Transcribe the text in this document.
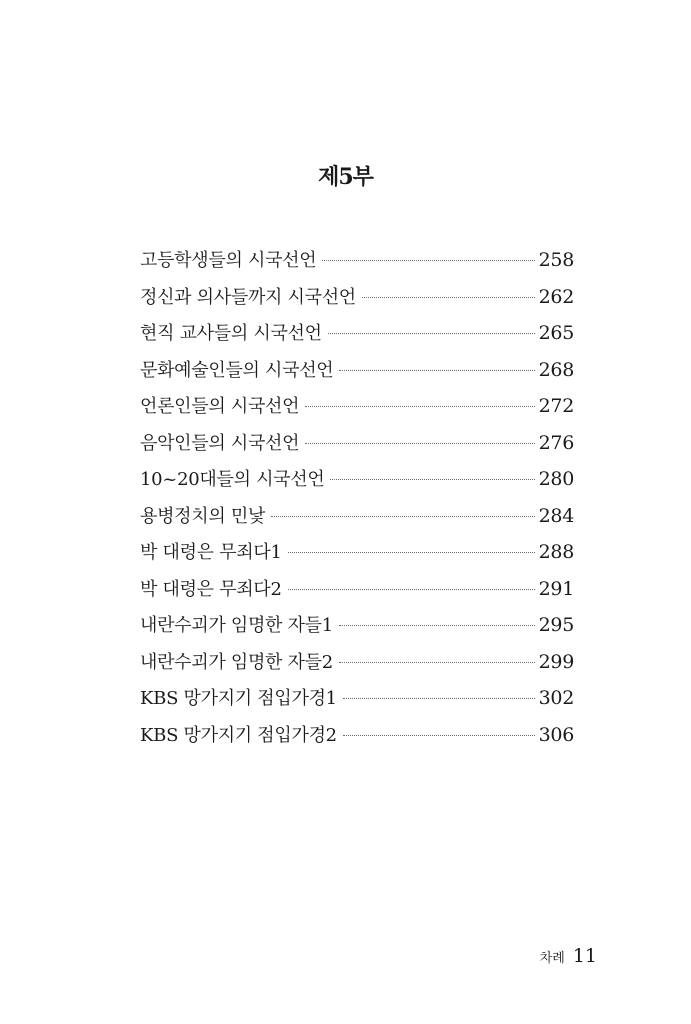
제5부
고등학생들의 시국선언	258
정신과 의사들까지 시국선언	262
현직 교사들의 시국선언	265
문화예술인들의 시국선언	268
언론인들의 시국선언	272
음악인들의 시국선언	276
10~20대들의 시국선언	280
용병정치의 민낯	284
박 대령은 무죄다1	288
박 대령은 무죄다2	291
내란수괴가 임명한 자들1	295
내란수괴가 임명한 자들2	299
KBS 망가지기 점입가경1	302
KBS 망가지기 점입가경2	306
차례 11
